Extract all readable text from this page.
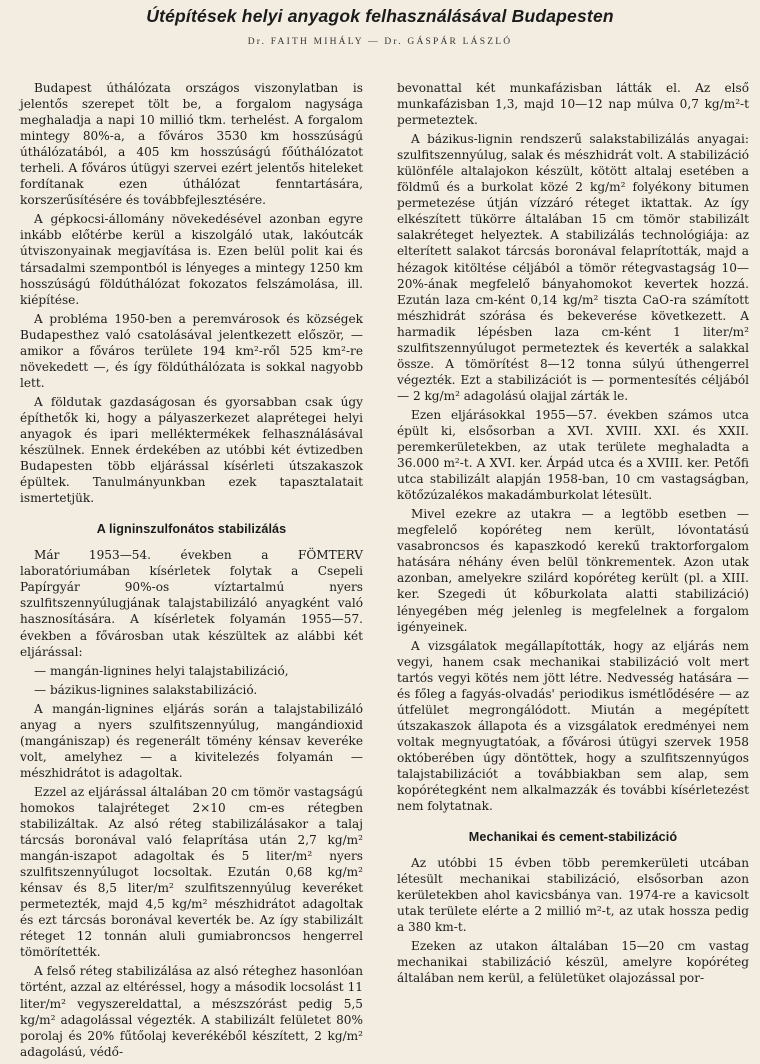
Útépítések helyi anyagok felhasználásával Budapesten
Dr. FAITH MIHÁLY — Dr. GÁSPÁR LÁSZLÓ

Budapest úthálózata országos viszonylatban is jelentős szerepet tölt be, a forgalom nagysága meghaladja a napi 10 millió tkm. terhelést. A forgalom mintegy 80%-a, a főváros 3530 km hosszúságú úthálózatából, a 405 km hosszúságú főúthálózatot terheli. A főváros útügyi szervei ezért jelentős hiteleket fordítanak ezen úthálózat fenntartására, korszerűsítésére és továbbfejlesztésére.

A gépkocsi-állomány növekedésével azonban egyre inkább előtérbe kerül a kiszolgáló utak, lakóutcák útviszonyainak megjavítása is. Ezen belül polit kai és társadalmi szempontból is lényeges a mintegy 1250 km hosszúságú földúthálózat fokozatos felszámolása, ill. kiépítése.

A probléma 1950-ben a peremvárosok és községek Budapesthez való csatolásával jelentkezett először, — amikor a főváros területe 194 km²-ről 525 km²-re növekedett —, és így földúthálózata is sokkal nagyobb lett.

A földutak gazdaságosan és gyorsabban csak úgy építhetők ki, hogy a pályaszerkezet alaprétegei helyi anyagok és ipari melléktermékek felhasználásával készülnek. Ennek érdekében az utóbbi két évtizedben Budapesten több eljárással kísérleti útszakaszok épültek. Tanulmányunkban ezek tapasztalatait ismertetjük.

A ligninszulfonátos stabilizálás

Már 1953—54. években a FÖMTERV laboratóriumában kísérletek folytak a Csepeli Papírgyár 90%-os víztartalmú nyers szulfitszennyúlugjának talajstabilizáló anyagként való hasznosítására. A kísérletek folyamán 1955—57. években a fővárosban utak készültek az alábbi két eljárással:

— mangán-lignines helyi talajstabilizáció,

— bázikus-lignines salakstabilizáció.

A mangán-lignines eljárás során a talajstabilizáló anyag a nyers szulfitszennyúlug, mangándioxid (mangániszap) és regenerált tömény kénsav keveréke volt, amelyhez — a kivitelezés folyamán — mészhidrátot is adagoltak.

Ezzel az eljárással általában 20 cm tömör vastagságú homokos talajréteget 2×10 cm-es rétegben stabilizáltak. Az alsó réteg stabilizálásakor a talaj tárcsás boronával való felaprítása után 2,7 kg/m² mangán-iszapot adagoltak és 5 liter/m² nyers szulfitszennyúlugot locsoltak. Ezután 0,68 kg/m² kénsav és 8,5 liter/m² szulfitszennyúlug keveréket permetezték, majd 4,5 kg/m² mészhidrátot adagoltak és ezt tárcsás boronával keverték be. Az így stabilizált réteget 12 tonnán aluli gumiabroncsos hengerrel tömörítették.

A felső réteg stabilizálása az alsó réteghez hasonlóan történt, azzal az eltéréssel, hogy a második locsolást 11 liter/m² vegyszereldattal, a mészszórást pedig 5,5 kg/m² adagolással végezték. A stabilizált felületet 80% porolaj és 20% fűtőolaj keverékéből készített, 2 kg/m² adagolású, védő-

bevonattal két munkafázisban látták el. Az első munkafázisban 1,3, majd 10—12 nap múlva 0,7 kg/m²-t permeteztek.

A bázikus-lignin rendszerű salakstabilizálás anyagai: szulfitszennyúlug, salak és mészhidrát volt. A stabilizáció különféle altalajokon készült, kötött altalaj esetében a földmű és a burkolat közé 2 kg/m² folyékony bitumen permetezése útján vízzáró réteget iktattak. Az így elkészített tükörre általában 15 cm tömör stabilizált salakréteget helyeztek. A stabilizálás technológiája: az elterített salakot tárcsás boronával felaprították, majd a hézagok kitöltése céljából a tömör rétegvastagság 10—20%-ának megfelelő bányahomokot kevertek hozzá. Ezután laza cm-ként 0,14 kg/m² tiszta CaO-ra számított mészhidrát szórása és bekeverése következett. A harmadik lépésben laza cm-ként 1 liter/m² szulfitszennyúlugot permeteztek és keverték a salakkal össze. A tömörítést 8—12 tonna súlyú úthengerrel végezték. Ezt a stabilizációt is — pormentesítés céljából — 2 kg/m² adagolású olajjal zárták le.

Ezen eljárásokkal 1955—57. években számos utca épült ki, elsősorban a XVI. XVIII. XXI. és XXII. peremkerületekben, az utak területe meghaladta a 36.000 m²-t. A XVI. ker. Árpád utca és a XVIII. ker. Petőfi utca stabilizált alapján 1958-ban, 10 cm vastagságban, kötőzúzalékos makadámburkolat létesült.

Mivel ezekre az utakra — a legtöbb esetben — megfelelő kopóréteg nem került, lóvontatású vasabroncsos és kapaszkodó kerekű traktorforgalom hatására néhány éven belül tönkrementek. Azon utak azonban, amelyekre szilárd kopóréteg került (pl. a XIII. ker. Szegedi út kőburkolata alatti stabilizáció) lényegében még jelenleg is megfelelnek a forgalom igényeinek.

A vizsgálatok megállapították, hogy az eljárás nem vegyi, hanem csak mechanikai stabilizáció volt mert tartós vegyi kötés nem jött létre. Nedvesség hatására — és főleg a fagyás-olvadás' periodikus ismétlődésére — az útfelület megrongálódott. Miután a megépített útszakaszok állapota és a vizsgálatok eredményei nem voltak megnyugtatóak, a fővárosi útügyi szervek 1958 októberében úgy döntöttek, hogy a szulfitszennyúgos talajstabilizációt a továbbiakban sem alap, sem kopórétegként nem alkalmazzák és további kísérletezést nem folytatnak.

Mechanikai és cement-stabilizáció

Az utóbbi 15 évben több peremkerületi utcában létesült mechanikai stabilizáció, elsősorban azon kerületekben ahol kavicsbánya van. 1974-re a kavicsolt utak területe elérte a 2 millió m²-t, az utak hossza pedig a 380 km-t.

Ezeken az utakon általában 15—20 cm vastag mechanikai stabilizáció készül, amelyre kopóréteg általában nem kerül, a felületüket olajozással por-
